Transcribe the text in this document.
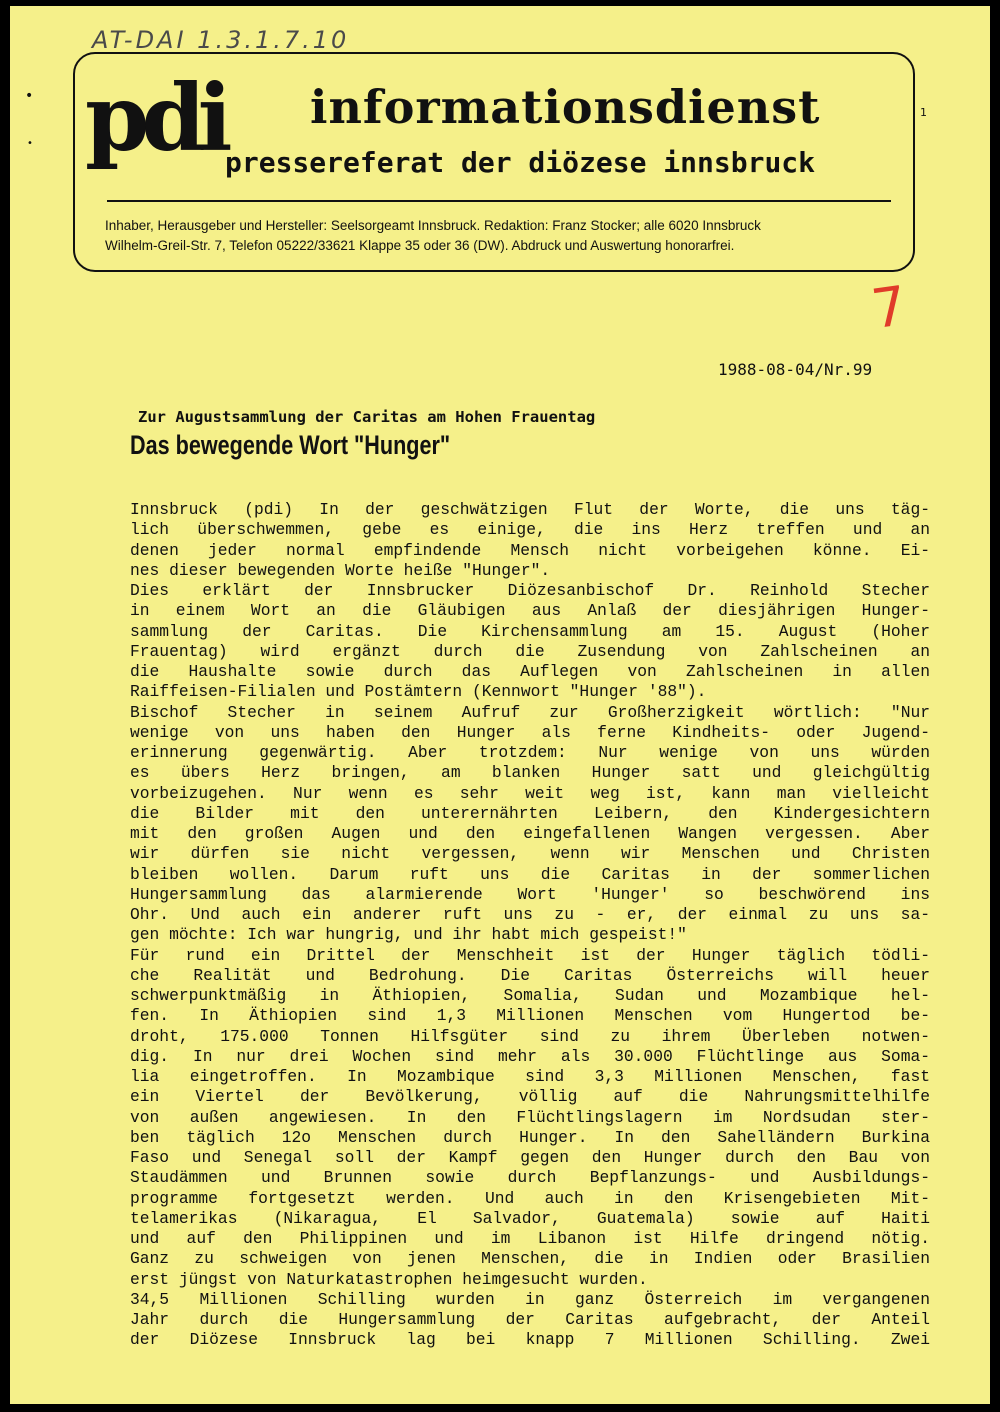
AT-DAI 1.3.1.7.10
•
• pdi informationsdienst	1
pressereferat der diözese innsbruck
Inhaber, Herausgeber und Hersteller: Seelsorgeamt Innsbruck. Redaktion: Franz Stocker; alle 6020 Innsbruck
Wilhelm-Greil-Str. 7, Telefon 05222/33621 Klappe 35 oder 36 (DW). Abdruck und Auswertung honorarfrei.
7
1988-08-04/Nr.99
Zur Augustsammlung der Caritas am Hohen Frauentag
Das bewegende Wort "Hunger"
Innsbruck (pdi) In der geschwätzigen Flut der Worte, die uns täg-
lich überschwemmen, gebe es einige, die ins Herz treffen und an
denen jeder normal empfindende Mensch nicht vorbeigehen könne. Ei-
nes dieser bewegenden Worte heiße "Hunger".
Dies erklärt der Innsbrucker Diözesanbischof Dr. Reinhold Stecher
in einem Wort an die Gläubigen aus Anlaß der diesjährigen Hunger-
sammlung der Caritas. Die Kirchensammlung am 15. August (Hoher
Frauentag) wird ergänzt durch die Zusendung von Zahlscheinen an
die Haushalte sowie durch das Auflegen von Zahlscheinen in allen
Raiffeisen-Filialen und Postämtern (Kennwort "Hunger '88").
Bischof Stecher in seinem Aufruf zur Großherzigkeit wörtlich: "Nur
wenige von uns haben den Hunger als ferne Kindheits- oder Jugend-
erinnerung gegenwärtig. Aber trotzdem: Nur wenige von uns würden
es übers Herz bringen, am blanken Hunger satt und gleichgültig
vorbeizugehen. Nur wenn es sehr weit weg ist, kann man vielleicht
die Bilder mit den unterernährten Leibern, den Kindergesichtern
mit den großen Augen und den eingefallenen Wangen vergessen. Aber
wir dürfen sie nicht vergessen, wenn wir Menschen und Christen
bleiben wollen. Darum ruft uns die Caritas in der sommerlichen
Hungersammlung das alarmierende Wort 'Hunger' so beschwörend ins
Ohr. Und auch ein anderer ruft uns zu - er, der einmal zu uns sa-
gen möchte: Ich war hungrig, und ihr habt mich gespeist!"
Für rund ein Drittel der Menschheit ist der Hunger täglich tödli-
che Realität und Bedrohung. Die Caritas Österreichs will heuer
schwerpunktmäßig in Äthiopien, Somalia, Sudan und Mozambique hel-
fen. In Äthiopien sind 1,3 Millionen Menschen vom Hungertod be-
droht, 175.000 Tonnen Hilfsgüter sind zu ihrem Überleben notwen-
dig. In nur drei Wochen sind mehr als 30.000 Flüchtlinge aus Soma-
lia eingetroffen. In Mozambique sind 3,3 Millionen Menschen, fast
ein Viertel der Bevölkerung, völlig auf die Nahrungsmittelhilfe
von außen angewiesen. In den Flüchtlingslagern im Nordsudan ster-
ben täglich 12o Menschen durch Hunger. In den Sahelländern Burkina
Faso und Senegal soll der Kampf gegen den Hunger durch den Bau von
Staudämmen und Brunnen sowie durch Bepflanzungs- und Ausbildungs-
programme fortgesetzt werden. Und auch in den Krisengebieten Mit-
telamerikas (Nikaragua, El Salvador, Guatemala) sowie auf Haiti
und auf den Philippinen und im Libanon ist Hilfe dringend nötig.
Ganz zu schweigen von jenen Menschen, die in Indien oder Brasilien
erst jüngst von Naturkatastrophen heimgesucht wurden.
34,5 Millionen Schilling wurden in ganz Österreich im vergangenen
Jahr durch die Hungersammlung der Caritas aufgebracht, der Anteil
der Diözese Innsbruck lag bei knapp 7 Millionen Schilling. Zwei
